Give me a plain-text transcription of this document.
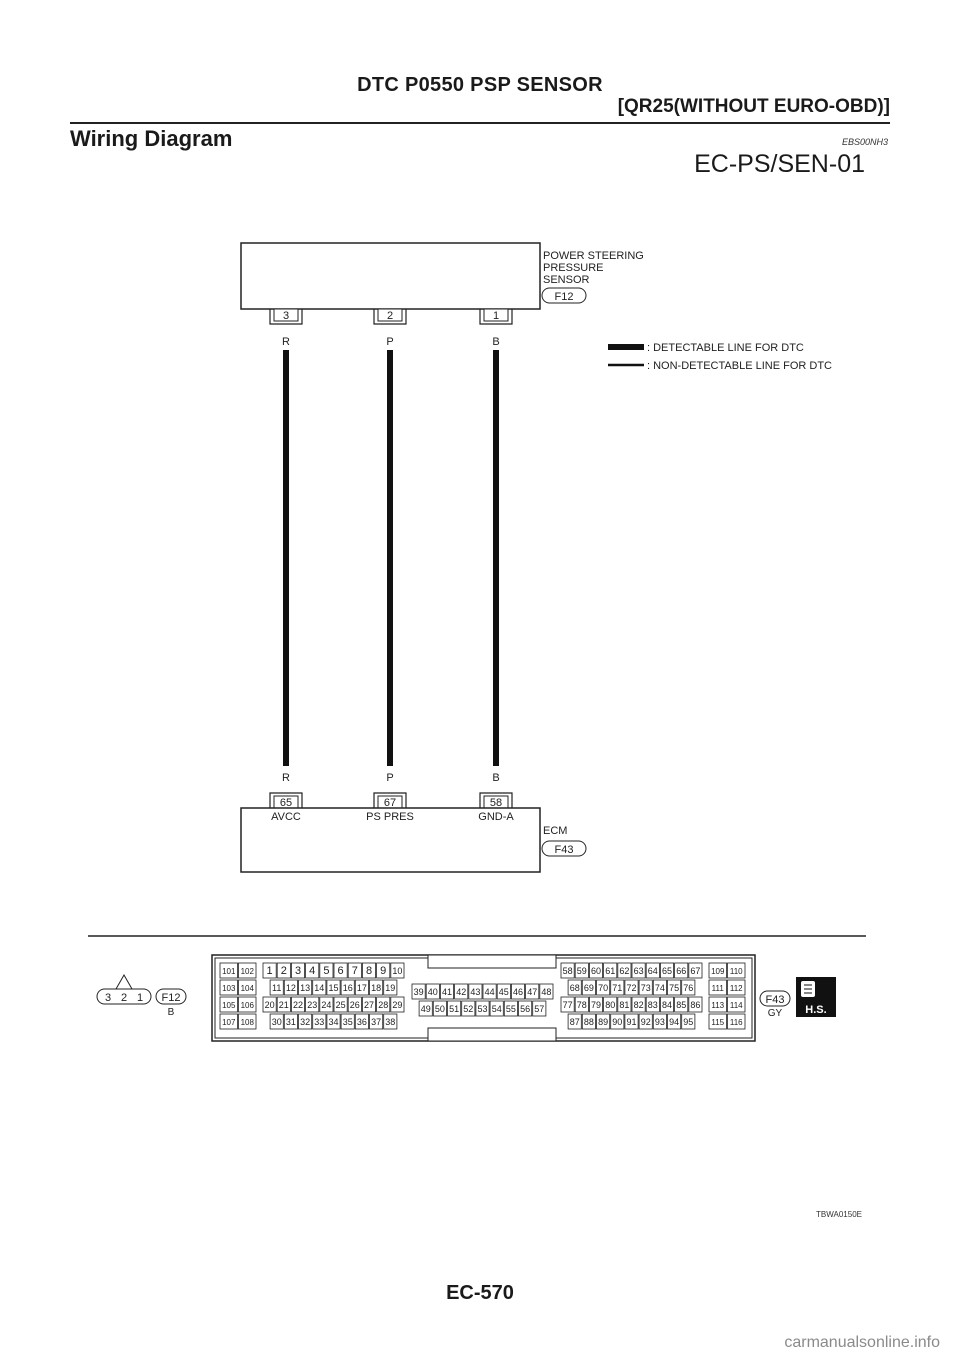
DTC P0550 PSP SENSOR
[QR25(WITHOUT EURO-OBD)]
Wiring Diagram	EBS00NH3
EC-PS/SEN-01
POWER STEERING
PRESSURE
SENSOR
F12
3	2	1
R	P	B	: DETECTABLE LINE FOR DTC
: NON-DETECTABLE LINE FOR DTC
R	P	B
65	67	58
AVCC	PS PRES	GND-A
ECM
F43
3 2 1 F12
B
101 102
103 104
105 106
107 108
1 2 3 4 5 6 7 8 9 10
11 12 13 14 15 16 17 18 19
20 21 22 23 24 25 26 27 28 29
30 31 32 33 34 35 36 37 38
39 40 41 42 43 44 45 46 47 48
49 50 51 52 53 54 55 56 57
58 59 60 61 62 63 64 65 66 67
68 69 70 71 72 73 74 75 76
77 78 79 80 81 82 83 84 85 86
87 88 89 90 91 92 93 94 95
109 110
111 112
113 114
115 116
F43
GY H.S.
TBWA0150E
EC-570
carmanualsonline.info
